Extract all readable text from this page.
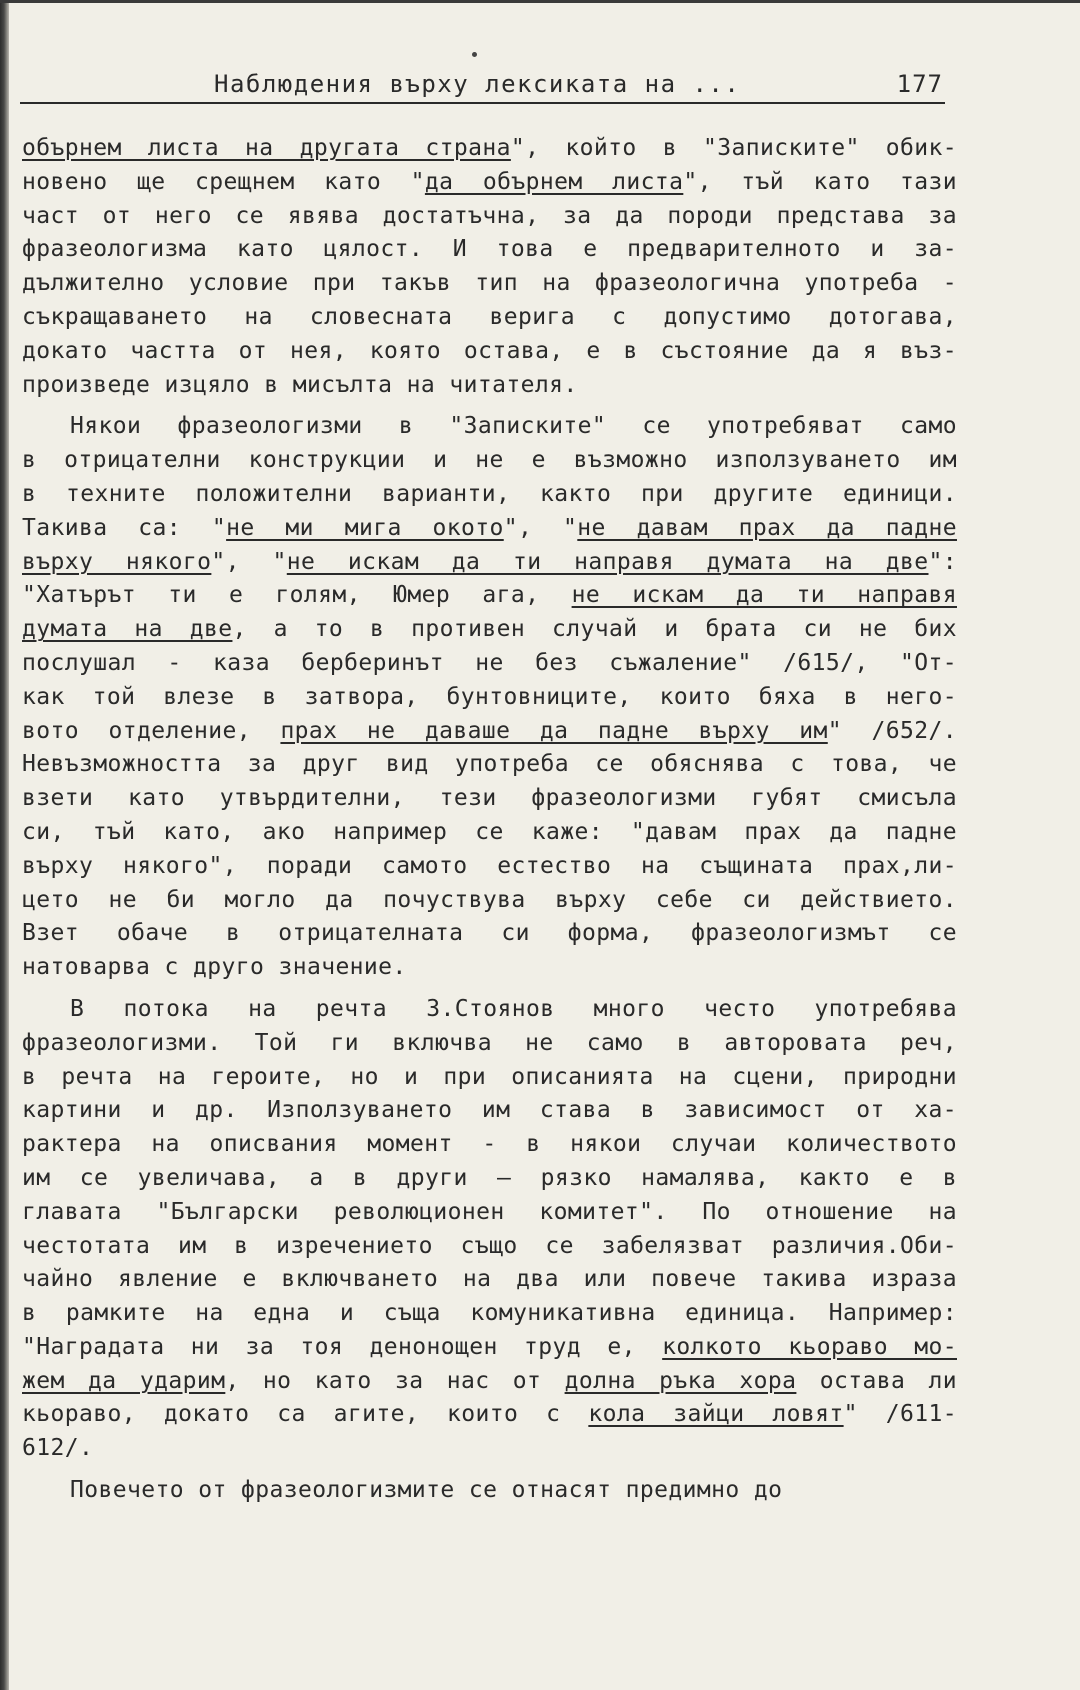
Наблюдения върху лексиката на ...	177
обърнем листа на другата страна", който в "Записките" обик-
новено ще срещнем като "да обърнем листа", тъй като тази
част от него се явява достатъчна, за да породи представа за
фразеологизма като цялост. И това е предварителното и за-
дължително условие при такъв тип на фразеологична употреба -
съкращаването на словесната верига с допустимо дотогава,
докато частта от нея, която остава, е в състояние да я въз-
произведе изцяло в мисълта на читателя.
Някои фразеологизми в "Записките" се употребяват само
в отрицателни конструкции и не е възможно използуването им
в техните положителни варианти, както при другите единици.
Такива са: "не ми мига окото", "не давам прах да падне
върху някого", "не искам да ти направя думата на две":
"Хатърът ти е голям, Юмер ага, не искам да ти направя
думата на две, а то в противен случай и брата си не бих
послушал - каза берберинът не без съжаление" /615/, "От-
как той влезе в затвора, бунтовниците, които бяха в него-
вото отделение, прах не даваше да падне върху им" /652/.
Невъзможността за друг вид употреба се обяснява с това, че
взети като утвърдителни, тези фразеологизми губят смисъла
си, тъй като, ако например се каже: "давам прах да падне
върху някого", поради самото естество на същината прах,ли-
цето не би могло да почуствува върху себе си действието.
Взет обаче в отрицателната си форма, фразеологизмът се
натоварва с друго значение.
В потока на речта З.Стоянов много често употребява
фразеологизми. Той ги включва не само в авторовата реч,
в речта на героите, но и при описанията на сцени, природни
картини и др. Използуването им става в зависимост от ха-
рактера на описвания момент - в някои случаи количеството
им се увеличава, а в други – рязко намалява, както е в
главата "Български революционен комитет". По отношение на
честотата им в изречението също се забелязват различия.Оби-
чайно явление е включването на два или повече такива израза
в рамките на една и съща комуникативна единица. Например:
"Наградата ни за тоя денонощен труд е, колкото кьораво мо-
жем да ударим, но като за нас от долна ръка хора остава ли
кьораво, докато са агите, които с кола зайци ловят" /611-
612/.
Повечето от фразеологизмите се отнасят предимно до
